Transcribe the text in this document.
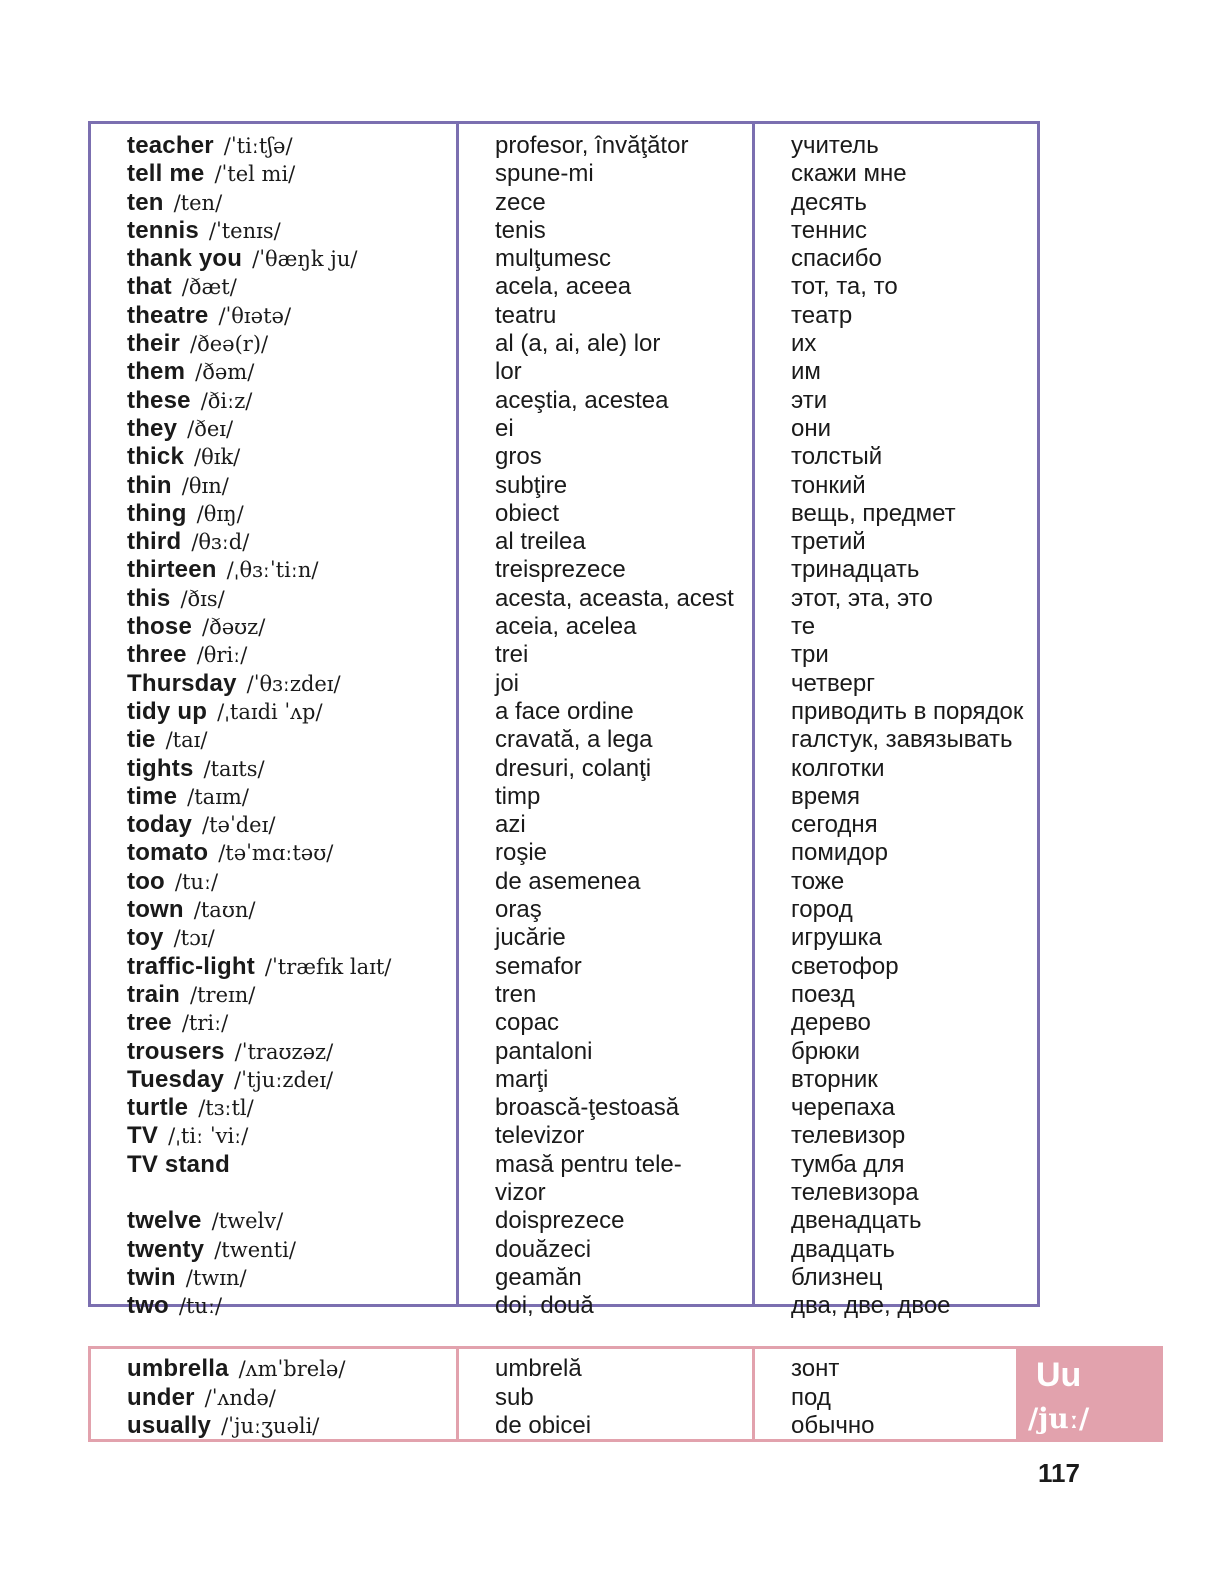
teacher /ˈtiːtʃə/
tell me /ˈtel mi/
ten /ten/
tennis /ˈtenɪs/
thank you /ˈθæŋk ju/
that /ðæt/
theatre /ˈθɪətə/
their /ðeə(r)/
them /ðəm/
these /ðiːz/
they /ðeɪ/
thick /θɪk/
thin /θɪn/
thing /θɪŋ/
third /θɜːd/
thirteen /ˌθɜːˈtiːn/
this /ðɪs/
those /ðəʊz/
three /θriː/
Thursday /ˈθɜːzdeɪ/
tidy up /ˌtaɪdi ˈʌp/
tie /taɪ/
tights /taɪts/
time /taɪm/
today /təˈdeɪ/
tomato /təˈmɑːtəʊ/
too /tuː/
town /taʊn/
toy /tɔɪ/
traffic-light /ˈtræfɪk laɪt/
train /treɪn/
tree /triː/
trousers /ˈtraʊzəz/
Tuesday /ˈtjuːzdeɪ/
turtle /tɜːtl/
TV /ˌtiː ˈviː/
TV stand
twelve /twelv/
twenty /twenti/
twin /twɪn/
two /tuː/
profesor, învăţător
spune-mi
zece
tenis
mulţumesc
acela, aceea
teatru
al (a, ai, ale) lor
lor
aceştia, acestea
ei
gros
subţire
obiect
al treilea
treisprezece
acesta, aceasta, acest
aceia, acelea
trei
joi
a face ordine
cravată, a lega
dresuri, colanţi
timp
azi
roşie
de asemenea
oraş
jucărie
semafor
tren
copac
pantaloni
marţi
broască-ţestoasă
televizor
masă pentru tele-
vizor
doisprezece
douăzeci
geamăn
doi, două
учитель
скажи мне
десять
теннис
спасибо
тот, та, то
театр
их
им
эти
они
толстый
тонкий
вещь, предмет
третий
тринадцать
этот, эта, это
те
три
четверг
приводить в порядок
галстук, завязывать
колготки
время
сегодня
помидор
тоже
город
игрушка
светофор
поезд
дерево
брюки
вторник
черепаха
телевизор
тумба для
телевизора
двенадцать
двадцать
близнец
два, две, двое
umbrella /ʌmˈbrelə/
under /ˈʌndə/
usually /ˈjuːʒuəli/
umbrelă
sub
de obicei
зонт
под
обычно
Uu
/juː/
117
